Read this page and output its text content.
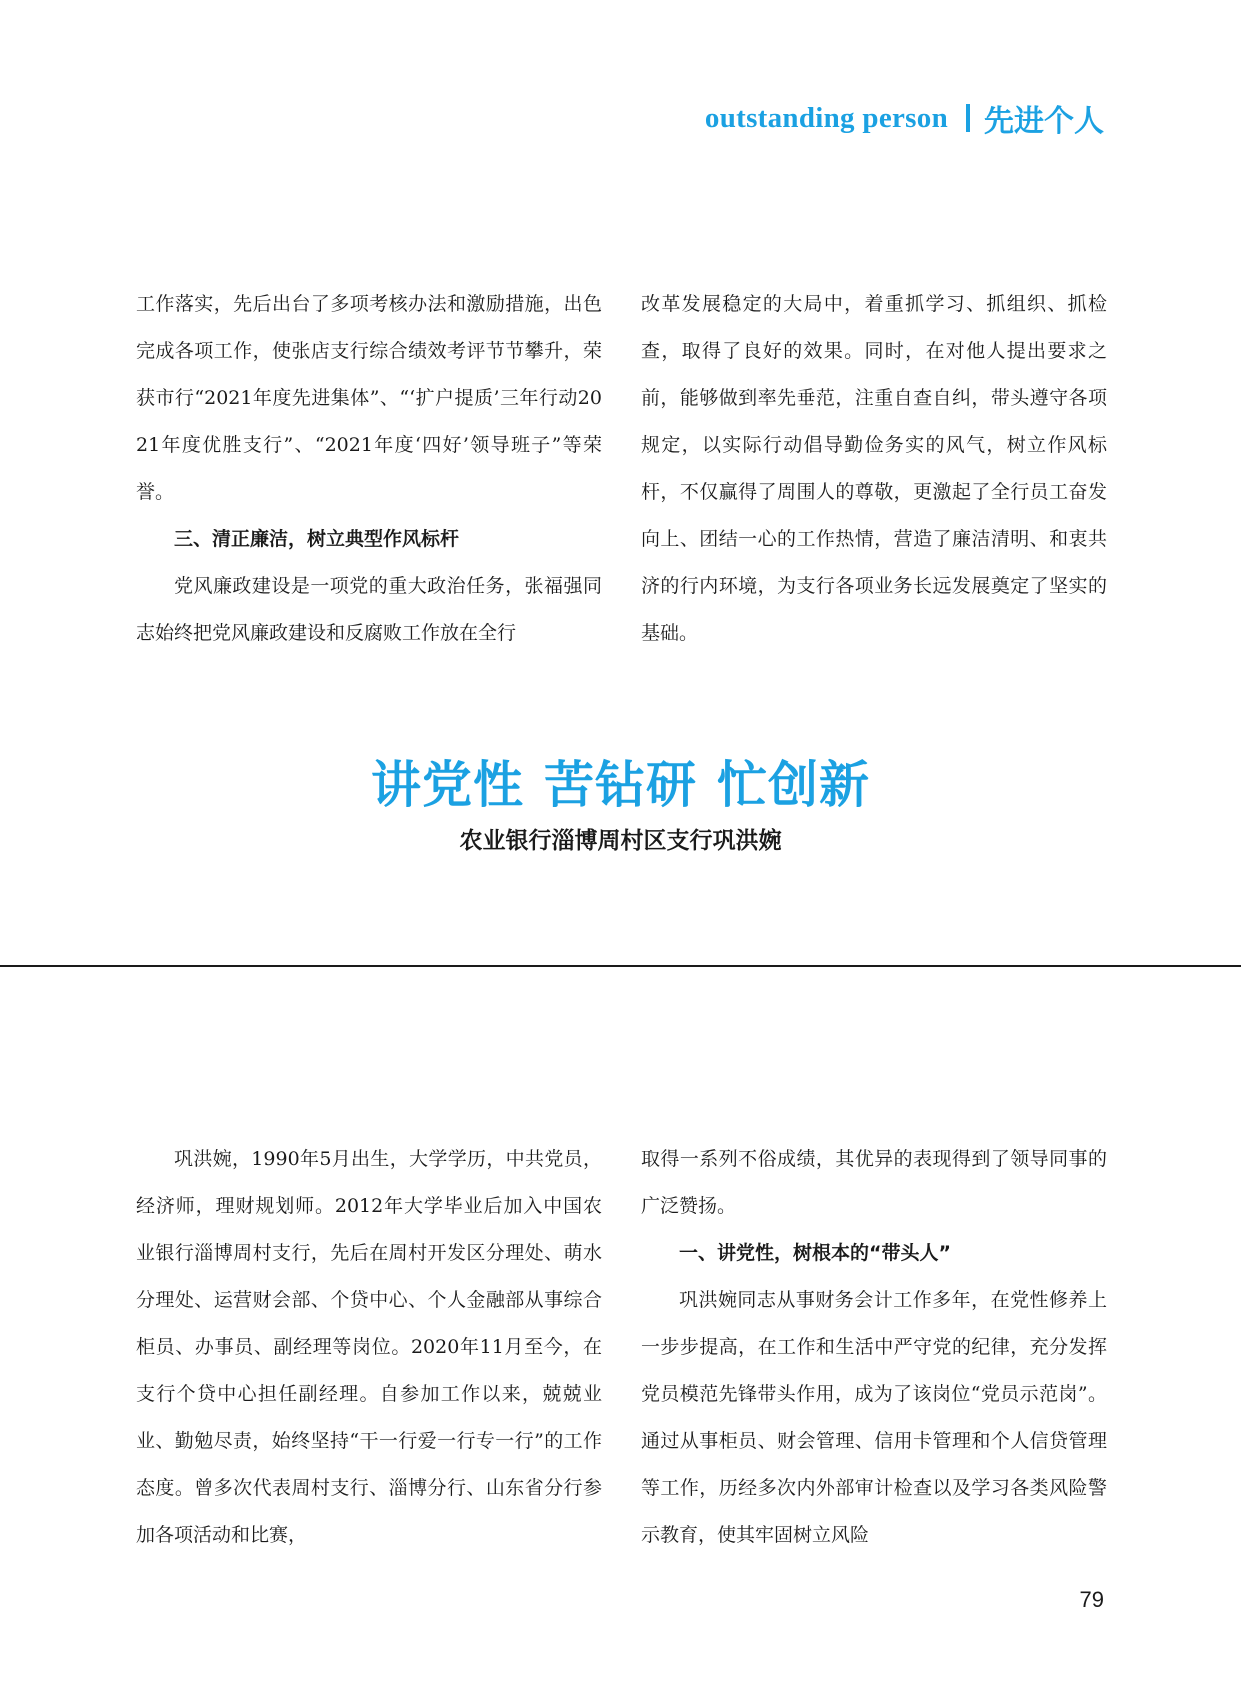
outstanding person 先进个人

工作落实，先后出台了多项考核办法和激励措施，出色完成各项工作，使张店支行综合绩效考评节节攀升，荣获市行“2021年度先进集体”、“‘扩户提质’三年行动2021年度优胜支行”、“2021年度‘四好’领导班子”等荣誉。

三、清正廉洁，树立典型作风标杆

党风廉政建设是一项党的重大政治任务，张福强同志始终把党风廉政建设和反腐败工作放在全行

改革发展稳定的大局中，着重抓学习、抓组织、抓检查，取得了良好的效果。同时，在对他人提出要求之前，能够做到率先垂范，注重自查自纠，带头遵守各项规定，以实际行动倡导勤俭务实的风气，树立作风标杆，不仅赢得了周围人的尊敬，更激起了全行员工奋发向上、团结一心的工作热情，营造了廉洁清明、和衷共济的行内环境，为支行各项业务长远发展奠定了坚实的基础。

讲党性 苦钻研 忙创新
农业银行淄博周村区支行巩洪婉

巩洪婉，1990年5月出生，大学学历，中共党员，经济师，理财规划师。2012年大学毕业后加入中国农业银行淄博周村支行，先后在周村开发区分理处、萌水分理处、运营财会部、个贷中心、个人金融部从事综合柜员、办事员、副经理等岗位。2020年11月至今，在支行个贷中心担任副经理。自参加工作以来，兢兢业业、勤勉尽责，始终坚持“干一行爱一行专一行”的工作态度。曾多次代表周村支行、淄博分行、山东省分行参加各项活动和比赛，

取得一系列不俗成绩，其优异的表现得到了领导同事的广泛赞扬。

一、讲党性，树根本的“带头人”

巩洪婉同志从事财务会计工作多年，在党性修养上一步步提高，在工作和生活中严守党的纪律，充分发挥党员模范先锋带头作用，成为了该岗位“党员示范岗”。通过从事柜员、财会管理、信用卡管理和个人信贷管理等工作，历经多次内外部审计检查以及学习各类风险警示教育，使其牢固树立风险

79
